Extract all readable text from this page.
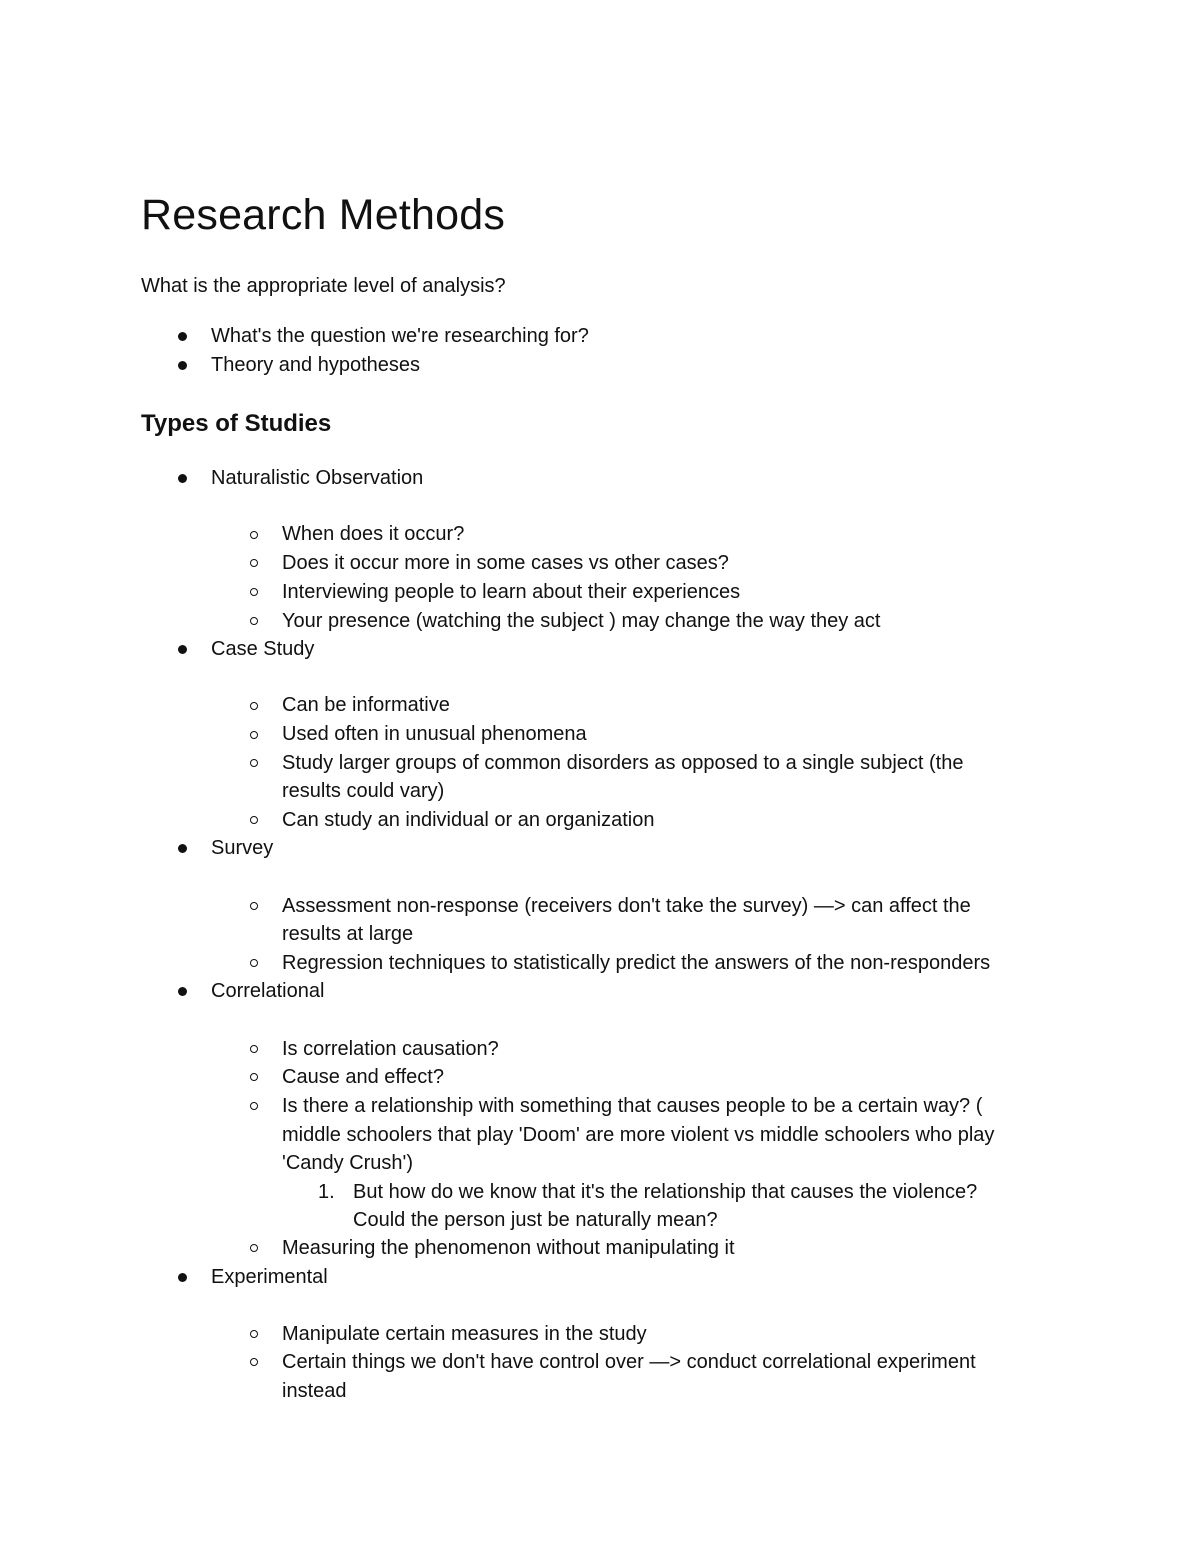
Research Methods

What is the appropriate level of analysis?

What's the question we're researching for?
Theory and hypotheses
Types of Studies
Naturalistic Observation
When does it occur?
Does it occur more in some cases vs other cases?
Interviewing people to learn about their experiences
Your presence (watching the subject ) may change the way they act
Case Study
Can be informative
Used often in unusual phenomena
Study larger groups of common disorders as opposed to a single subject (the
results could vary)
Can study an individual or an organization
Survey
Assessment non-response (receivers don't take the survey) —> can affect the
results at large
Regression techniques to statistically predict the answers of the non-responders
Correlational
Is correlation causation?
Cause and effect?
Is there a relationship with something that causes people to be a certain way? (
middle schoolers that play 'Doom' are more violent vs middle schoolers who play
'Candy Crush')
1. But how do we know that it's the relationship that causes the violence?
Could the person just be naturally mean?
Measuring the phenomenon without manipulating it
Experimental
Manipulate certain measures in the study
Certain things we don't have control over —> conduct correlational experiment
instead
